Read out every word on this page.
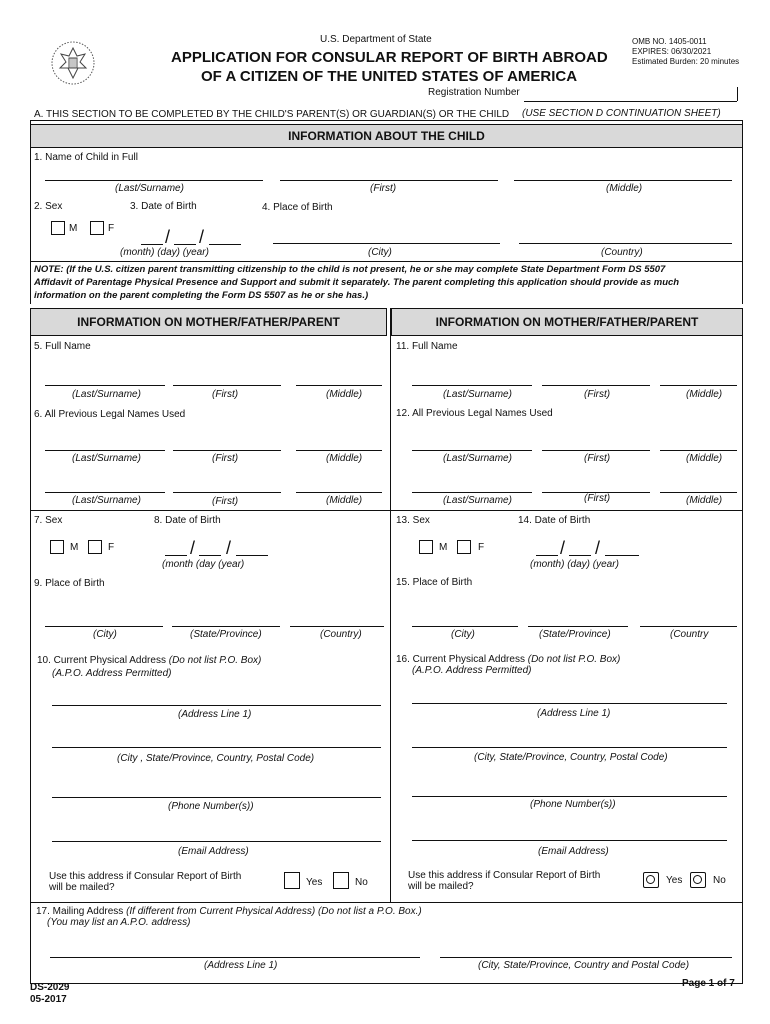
U.S. Department of State
APPLICATION FOR CONSULAR REPORT OF BIRTH ABROAD
OF A CITIZEN OF THE UNITED STATES OF AMERICA
OMB NO. 1405-0011
EXPIRES: 06/30/2021
Estimated Burden: 20 minutes
Registration Number
A. THIS SECTION TO BE COMPLETED BY THE CHILD'S PARENT(S) OR GUARDIAN(S) OR THE CHILD (USE SECTION D CONTINUATION SHEET)
INFORMATION ABOUT THE CHILD
1. Name of Child in Full
(Last/Surname)	(First)	(Middle)
2. Sex	3. Date of Birth	4. Place of Birth
M	F	/ /
(month) (day) (year)	(City)	(Country)
NOTE: (If the U.S. citizen parent transmitting citizenship to the child is not present, he or she may complete State Department Form DS 5507
Affidavit of Parentage Physical Presence and Support and submit it separately. The parent completing this application should provide as much
information on the parent completing the Form DS 5507 as he or she has.)
INFORMATION ON MOTHER/FATHER/PARENT	INFORMATION ON MOTHER/FATHER/PARENT
5. Full Name
(Last/Surname)	(First)	(Middle)
6. All Previous Legal Names Used
(Last/Surname)	(First)	(Middle)
(Last/Surname)	(First)	(Middle)
7. Sex	8. Date of Birth
M	F	/ /
(month (day (year)
9. Place of Birth
(City)	(State/Province)	(Country)
10. Current Physical Address (Do not list P.O. Box)
(A.P.O. Address Permitted)
(Address Line 1)
(City , State/Province, Country, Postal Code)
(Phone Number(s))
(Email Address)
Use this address if Consular Report of Birth
will be mailed?	Yes	No
11. Full Name
(Last/Surname)	(First)	(Middle)
12. All Previous Legal Names Used
(Last/Surname)	(First)	(Middle)
(Last/Surname)	(First)	(Middle)
13. Sex	14. Date of Birth
M	F	/ /
(month) (day) (year)
15. Place of Birth
(City)	(State/Province)	(Country
16. Current Physical Address (Do not list P.O. Box)
(A.P.O. Address Permitted)
(Address Line 1)
(City, State/Province, Country, Postal Code)
(Phone Number(s))
(Email Address)
Use this address if Consular Report of Birth
will be mailed?
Yes	No
17. Mailing Address (If different from Current Physical Address) (Do not list a P.O. Box.)
(You may list an A.P.O. address)
(Address Line 1)	(City, State/Province, Country and Postal Code)
DS-2029
05-2017
Page 1 of 7
